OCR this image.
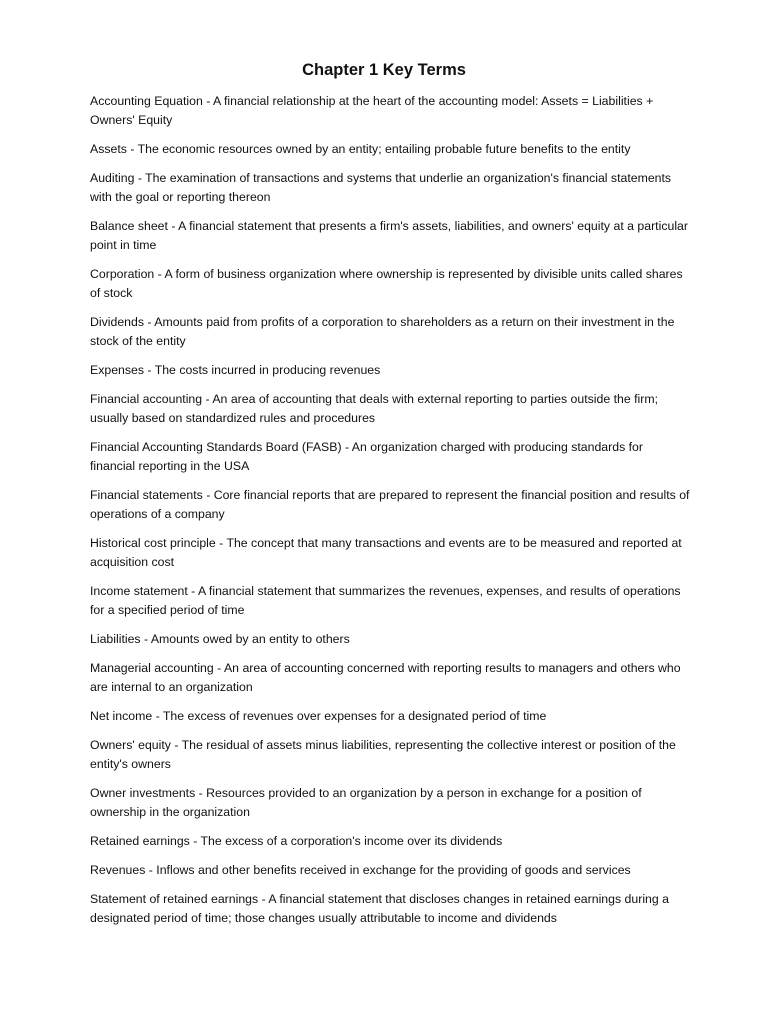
Chapter 1 Key Terms
Accounting Equation - A financial relationship at the heart of the accounting model: Assets = Liabilities + Owners' Equity
Assets - The economic resources owned by an entity; entailing probable future benefits to the entity
Auditing - The examination of transactions and systems that underlie an organization's financial statements with the goal or reporting thereon
Balance sheet - A financial statement that presents a firm's assets, liabilities, and owners' equity at a particular point in time
Corporation - A form of business organization where ownership is represented by divisible units called shares of stock
Dividends - Amounts paid from profits of a corporation to shareholders as a return on their investment in the stock of the entity
Expenses - The costs incurred in producing revenues
Financial accounting - An area of accounting that deals with external reporting to parties outside the firm; usually based on standardized rules and procedures
Financial Accounting Standards Board (FASB) - An organization charged with producing standards for financial reporting in the USA
Financial statements - Core financial reports that are prepared to represent the financial position and results of operations of a company
Historical cost principle - The concept that many transactions and events are to be measured and reported at acquisition cost
Income statement - A financial statement that summarizes the revenues, expenses, and results of operations for a specified period of time
Liabilities - Amounts owed by an entity to others
Managerial accounting - An area of accounting concerned with reporting results to managers and others who are internal to an organization
Net income - The excess of revenues over expenses for a designated period of time
Owners' equity - The residual of assets minus liabilities, representing the collective interest or position of the entity's owners
Owner investments - Resources provided to an organization by a person in exchange for a position of ownership in the organization
Retained earnings - The excess of a corporation's income over its dividends
Revenues - Inflows and other benefits received in exchange for the providing of goods and services
Statement of retained earnings - A financial statement that discloses changes in retained earnings during a designated period of time; those changes usually attributable to income and dividends
